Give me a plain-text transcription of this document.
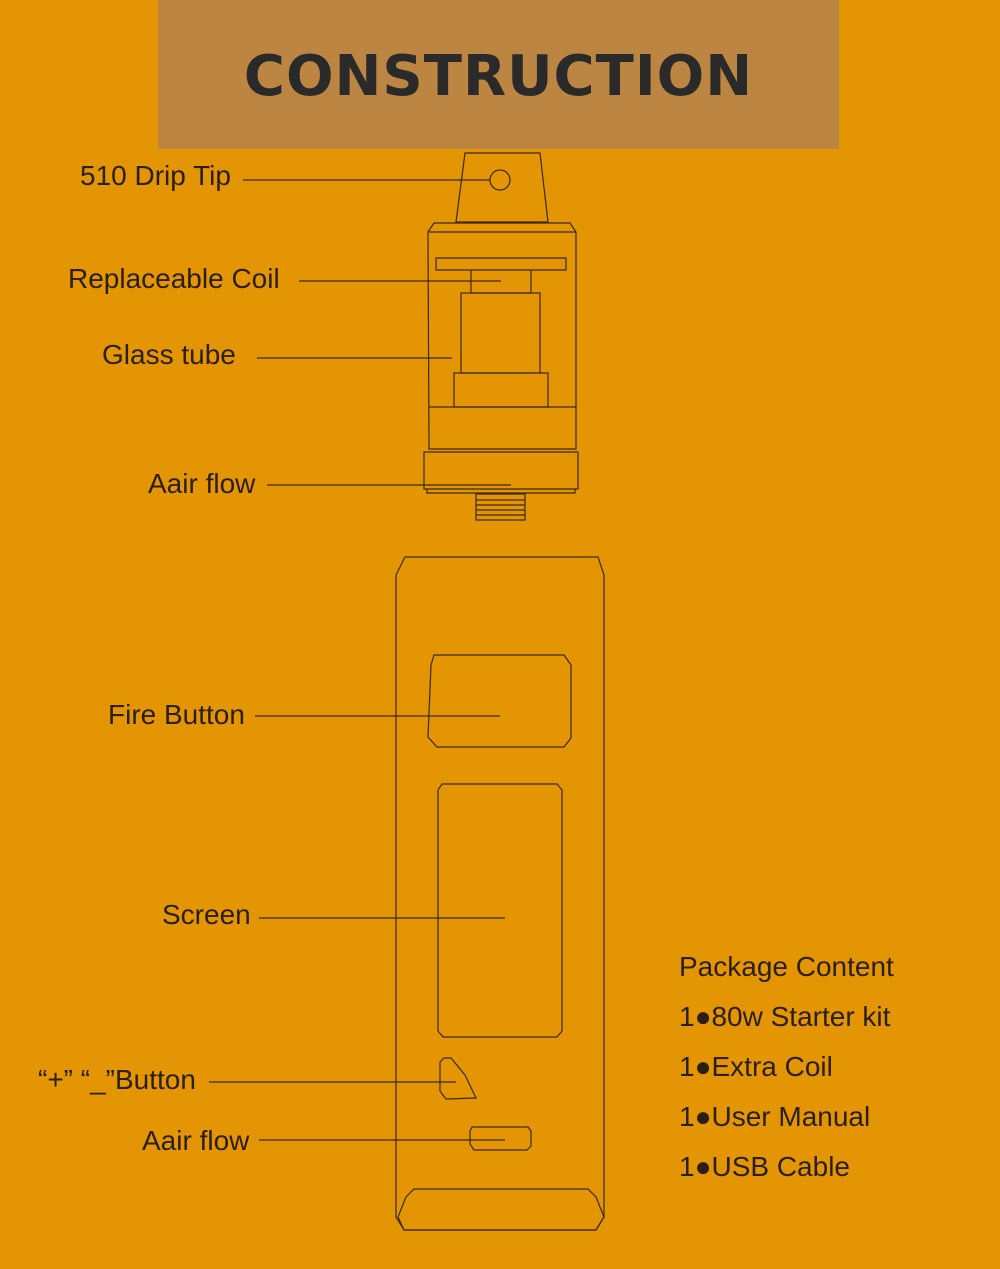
CONSTRUCTION
510 Drip Tip
Replaceable Coil
Glass tube
Aair flow
Fire Button
Screen
“+” “_”Button
Aair flow
Package Content
1●80w Starter kit
1●Extra Coil
1●User Manual
1●USB Cable
